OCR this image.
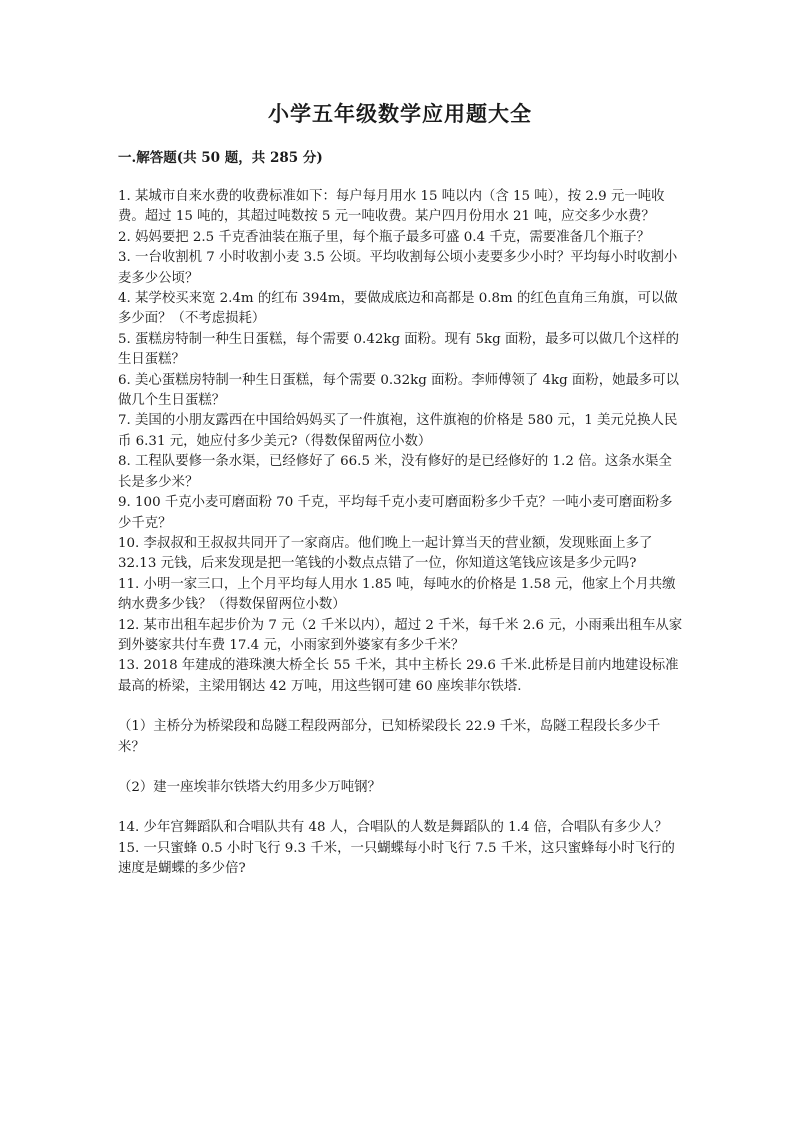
小学五年级数学应用题大全
一.解答题(共 50 题，共 285 分)

1. 某城市自来水费的收费标准如下：每户每月用水 15 吨以内（含 15 吨），按 2.9 元一吨收费。超过 15 吨的，其超过吨数按 5 元一吨收费。某户四月份用水 21 吨，应交多少水费？

2. 妈妈要把 2.5 千克香油装在瓶子里，每个瓶子最多可盛 0.4 千克，需要准备几个瓶子？

3. 一台收割机 7 小时收割小麦 3.5 公顷。平均收割每公顷小麦要多少小时？平均每小时收割小麦多少公顷？

4. 某学校买来宽 2.4m 的红布 394m，要做成底边和高都是 0.8m 的红色直角三角旗，可以做多少面？（不考虑损耗）

5. 蛋糕房特制一种生日蛋糕，每个需要 0.42kg 面粉。现有 5kg 面粉，最多可以做几个这样的生日蛋糕？

6. 美心蛋糕房特制一种生日蛋糕，每个需要 0.32kg 面粉。李师傅领了 4kg 面粉，她最多可以做几个生日蛋糕？

7. 美国的小朋友露西在中国给妈妈买了一件旗袍，这件旗袍的价格是 580 元，1 美元兑换人民币 6.31 元，她应付多少美元?（得数保留两位小数）

8. 工程队要修一条水渠，已经修好了 66.5 米，没有修好的是已经修好的 1.2 倍。这条水渠全长是多少米？

9. 100 千克小麦可磨面粉 70 千克，平均每千克小麦可磨面粉多少千克？一吨小麦可磨面粉多少千克？

10. 李叔叔和王叔叔共同开了一家商店。他们晚上一起计算当天的营业额，发现账面上多了 32.13 元钱，后来发现是把一笔钱的小数点点错了一位，你知道这笔钱应该是多少元吗?

11. 小明一家三口，上个月平均每人用水 1.85 吨，每吨水的价格是 1.58 元，他家上个月共缴纳水费多少钱？（得数保留两位小数）

12. 某市出租车起步价为 7 元（2 千米以内），超过 2 千米，每千米 2.6 元，小雨乘出租车从家到外婆家共付车费 17.4 元，小雨家到外婆家有多少千米？

13. 2018 年建成的港珠澳大桥全长 55 千米，其中主桥长 29.6 千米.此桥是目前内地建设标准最高的桥梁，主梁用钢达 42 万吨，用这些钢可建 60 座埃菲尔铁塔.

（1）主桥分为桥梁段和岛隧工程段两部分，已知桥梁段长 22.9 千米，岛隧工程段长多少千米？

（2）建一座埃菲尔铁塔大约用多少万吨钢？

14. 少年宫舞蹈队和合唱队共有 48 人，合唱队的人数是舞蹈队的 1.4 倍，合唱队有多少人？

15. 一只蜜蜂 0.5 小时飞行 9.3 千米，一只蝴蝶每小时飞行 7.5 千米，这只蜜蜂每小时飞行的速度是蝴蝶的多少倍?
